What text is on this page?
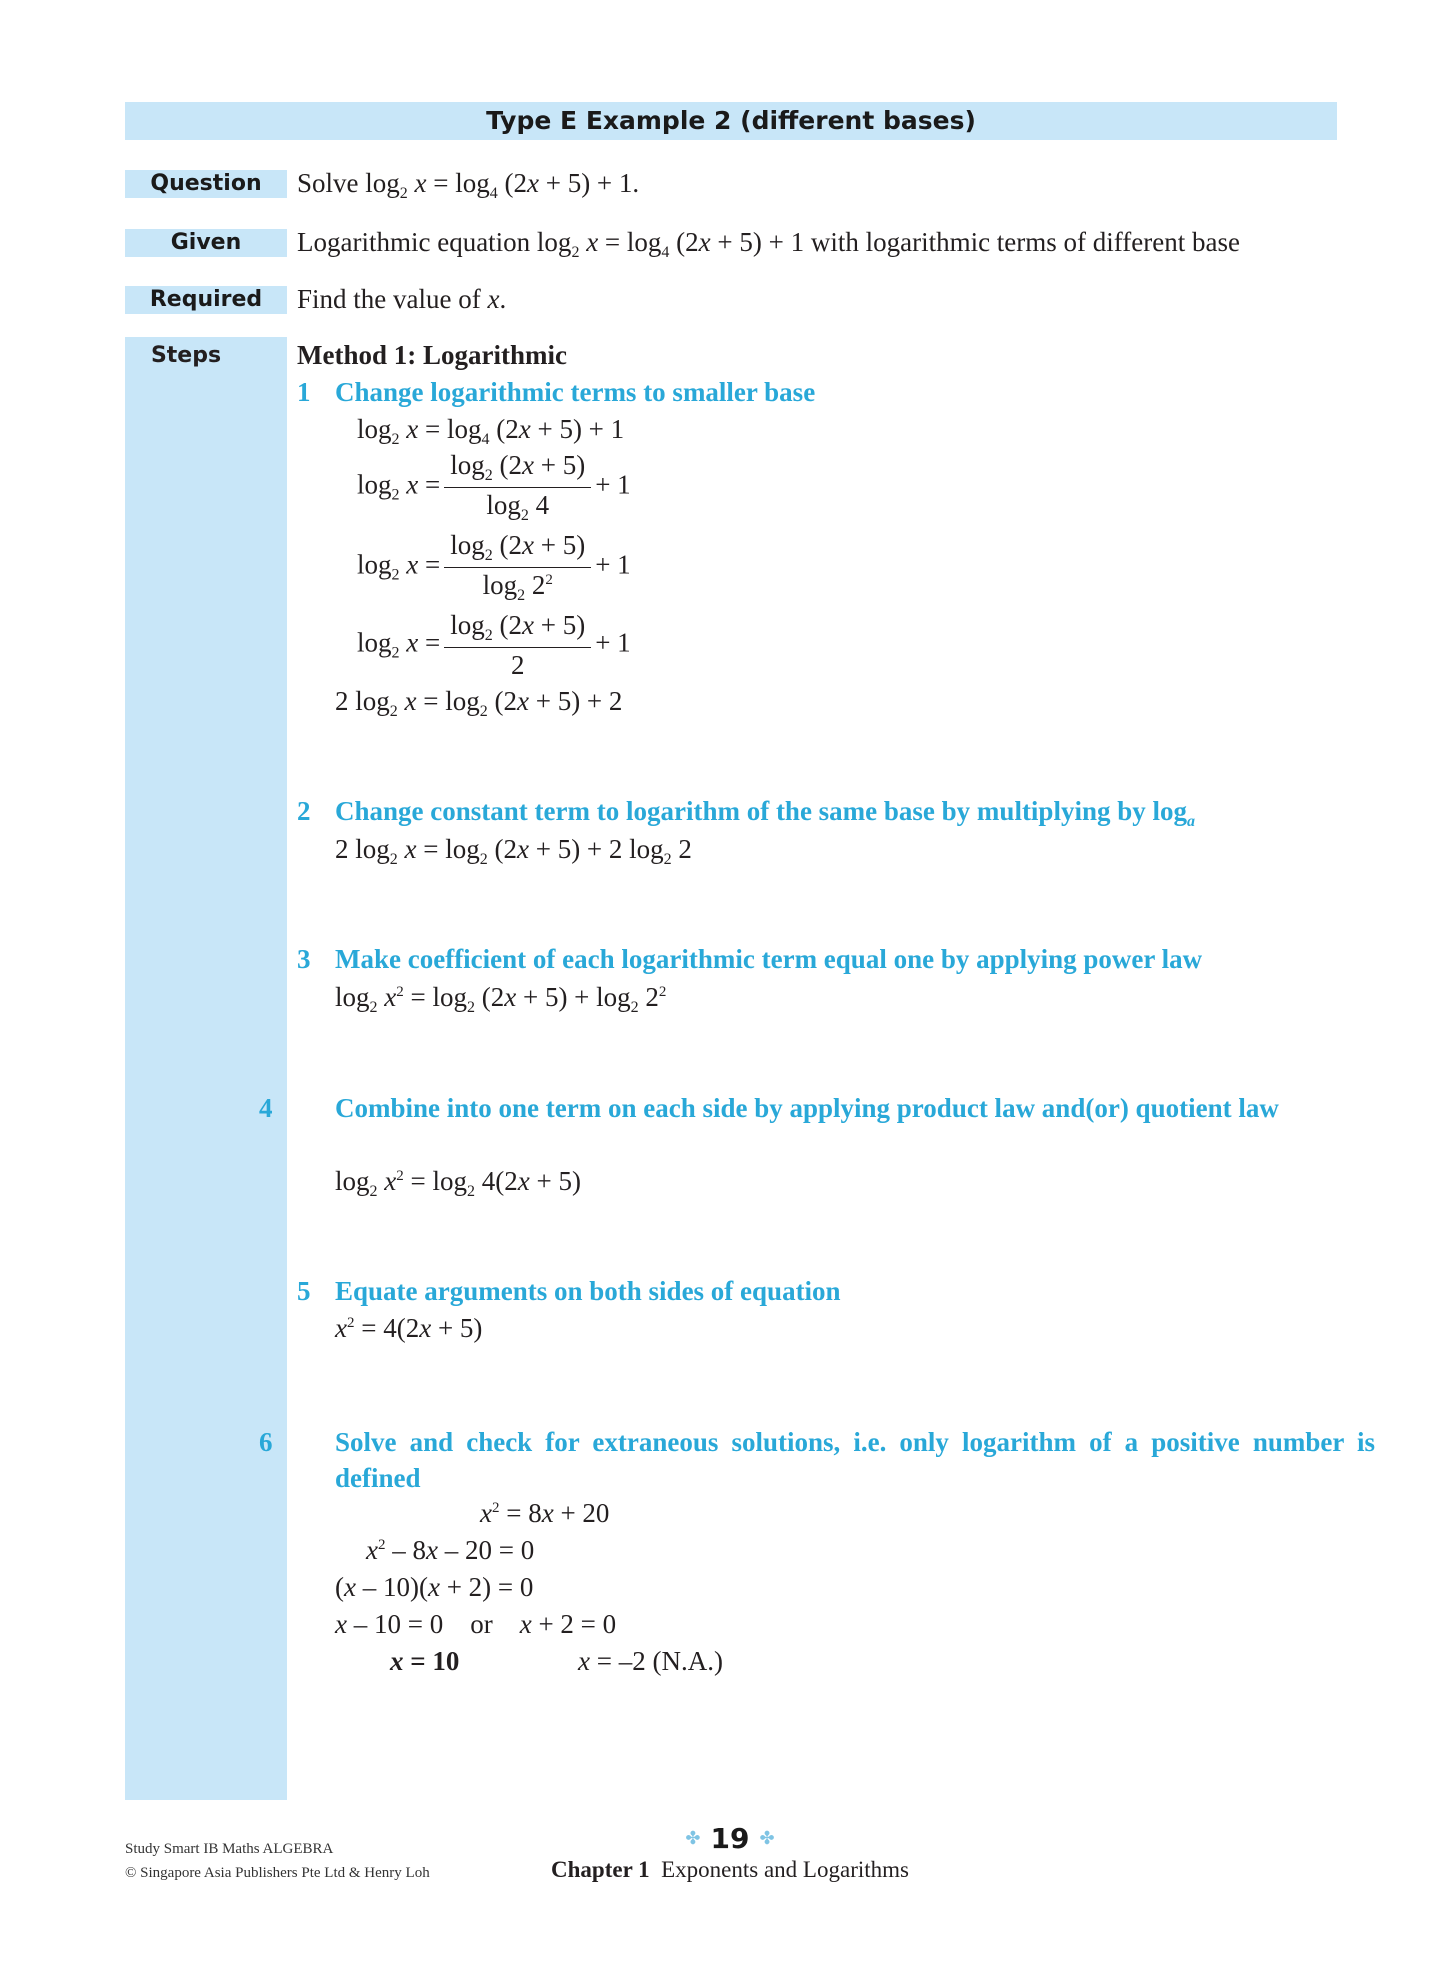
Type E Example 2 (different bases)
Question	Solve $\log_2 x = \log_4 (2x + 5) + 1$.
Given	Logarithmic equation $\log_2 x = \log_4 (2x + 5) + 1$ with logarithmic terms of different base
Required	Find the value of x.
Steps	Method 1: Logarithmic
1 Change logarithmic terms to smaller base
$\log_2 x = \log_4 (2x + 5) + 1$
$\log_2 x = \frac{\log_2 (2x + 5)}{\log_2 4} + 1$
$\log_2 x = \frac{\log_2 (2x + 5)}{\log_2 2^2} + 1$
$\log_2 x = \frac{\log_2 (2x + 5)}{2} + 1$
2 $\log_2 x = \log_2 (2x + 5) + 2$
2 Change constant term to logarithm of the same base by multiplying by $\log_a$
2 $\log_2 x = \log_2 (2x + 5) + 2$ $\log_2 2$
3 Make coefficient of each logarithmic term equal one by applying power law
$\log_2 x^2 = \log_2 (2x + 5) + \log_2 2^2$
4 Combine into one term on each side by applying product law and(or) quotient law
$\log_2 x^2 = \log_2 4(2x + 5)$
5 Equate arguments on both sides of equation
$x^2 = 4(2x + 5)$
6 Solve and check for extraneous solutions, i.e. only logarithm of a positive number is defined
$x^2 = 8x + 20$
$x^2 - 8x - 20 = 0$
(x – 10)(x + 2) = 0
x – 10 = 0    or x + 2 = 0
x = 10	x = –2 (N.A.)
Study Smart IB Maths ALGEBRA
© Singapore Asia Publishers Pte Ltd & Henry Loh
✤ 19 ✤
Chapter 1 Exponents and Logarithms
